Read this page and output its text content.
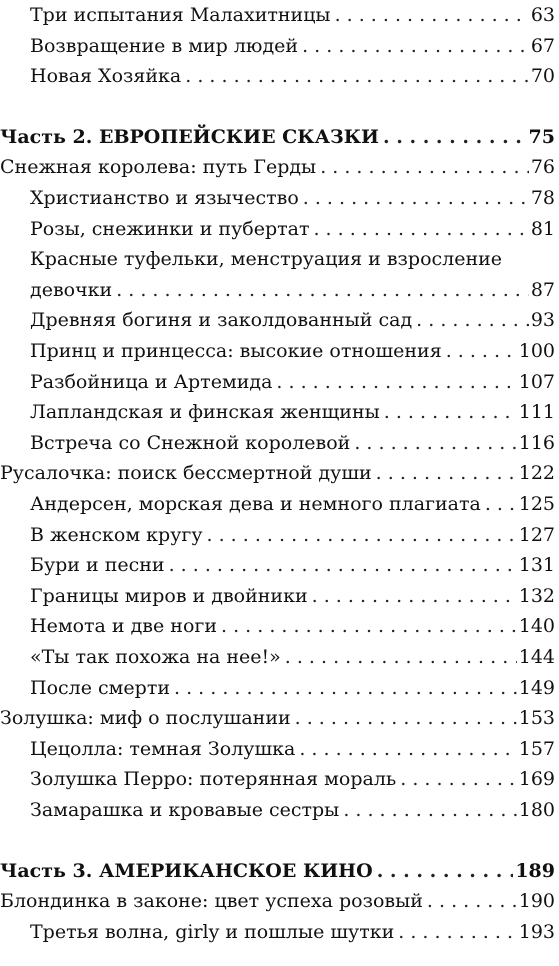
Три испытания Малахитницы . . .	63
Возвращение в мир людей . . .	67
Новая Хозяйка . . .	70
Часть 2. ЕВРОПЕЙСКИЕ СКАЗКИ . . .	75
Снежная королева: путь Герды . . .	76
Христианство и язычество . . .	78
Розы, снежинки и пубертат . . .	81
Красные туфельки, менструация и взросление
девочки . . .	87
Древняя богиня и заколдованный сад . . .	93
Принц и принцесса: высокие отношения . . .	100
Разбойница и Артемида . . .	107
Лапландская и финская женщины . . .	111
Встреча со Снежной королевой . . .	116
Русалочка: поиск бессмертной души . . .	122
Андерсен, морская дева и немного плагиата . . . 125
В женском кругу . . .	127
Бури и песни . . .	131
Границы миров и двойники . . .	132
Немота и две ноги . . .	140
«Ты так похожа на нее!» . . .	144
После смерти . . .	149
Золушка: миф о послушании . . .	153
Цецолла: темная Золушка . . .	157
Золушка Перро: потерянная мораль . . .	169
Замарашка и кровавые сестры . . .	180
Часть 3. АМЕРИКАНСКОЕ КИНО . . .	189
Блондинка в законе: цвет успеха розовый . . .	190
Третья волна, girly и пошлые шутки . . .	193
